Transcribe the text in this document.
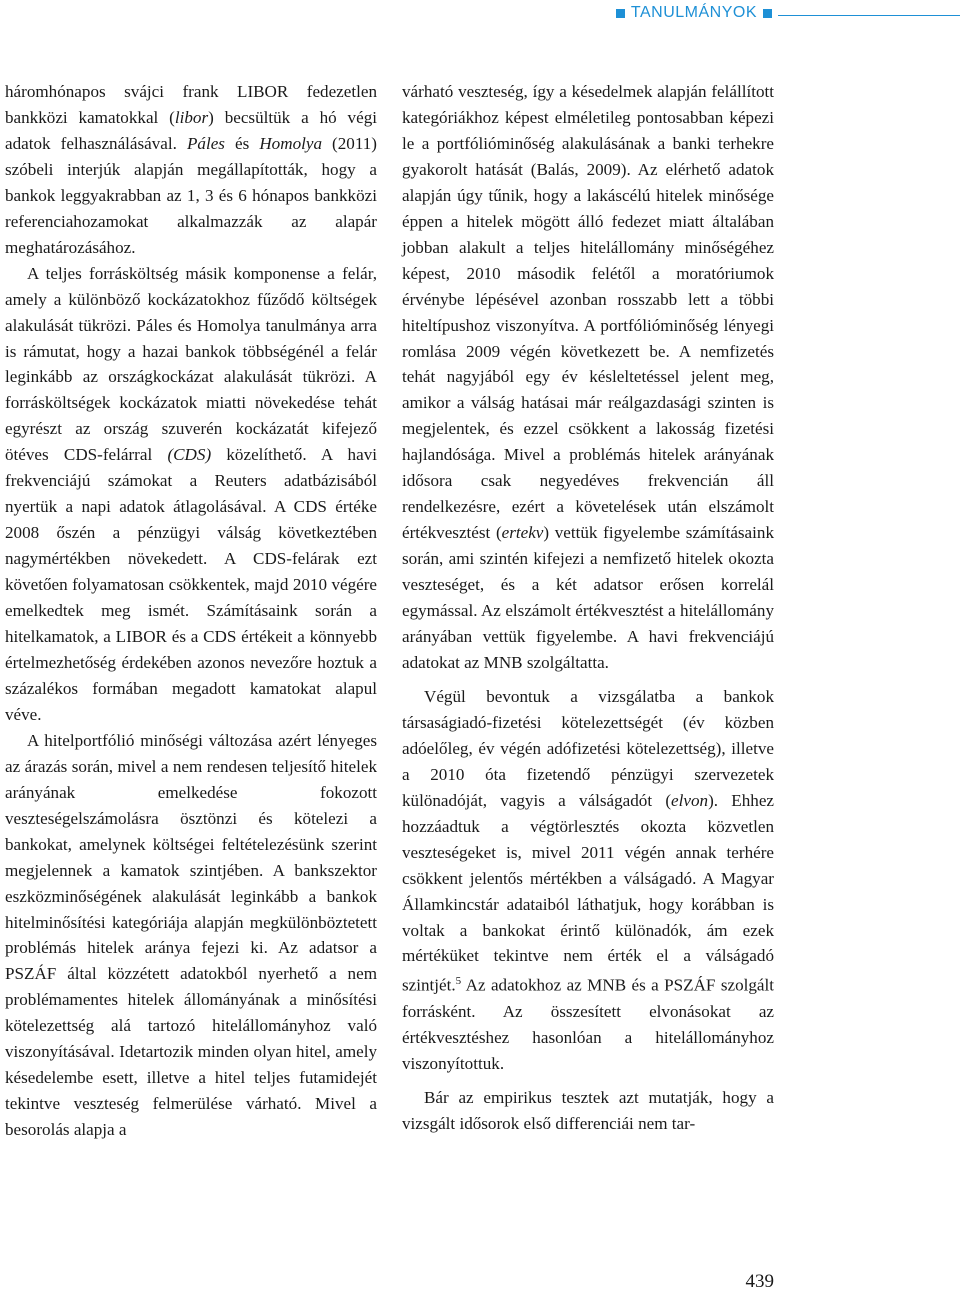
TANULMÁNYOK

háromhónapos svájci frank LIBOR fedezetlen bankközi kamatokkal (libor) becsültük a hó végi adatok felhasználásával. Páles és Homolya (2011) szóbeli interjúk alapján megállapították, hogy a bankok leggyakrabban az 1, 3 és 6 hónapos bankközi referenciahozamokat alkalmazzák az alapár meghatározásához.

A teljes forrásköltség másik komponense a felár, amely a különböző kockázatokhoz fűződő költségek alakulását tükrözi. Páles és Homolya tanulmánya arra is rámutat, hogy a hazai bankok többségénél a felár leginkább az országkockázat alakulását tükrözi. A forrásköltségek kockázatok miatti növekedése tehát egyrészt az ország szuverén kockázatát kifejező ötéves CDS-felárral (CDS) közelíthető. A havi frekvenciájú számokat a Reuters adatbázisából nyertük a napi adatok átlagolásával. A CDS értéke 2008 őszén a pénzügyi válság következtében nagymértékben növekedett. A CDS-felárak ezt követően folyamatosan csökkentek, majd 2010 végére emelkedtek meg ismét. Számításaink során a hitelkamatok, a LIBOR és a CDS értékeit a könnyebb értelmezhetőség érdekében azonos nevezőre hoztuk a százalékos formában megadott kamatokat alapul véve.

A hitelportfólió minőségi változása azért lényeges az árazás során, mivel a nem rendesen teljesítő hitelek arányának emelkedése fokozott veszteségelszámolásra ösztönzi és kötelezi a bankokat, amelynek költségei feltételezésünk szerint megjelennek a kamatok szintjében. A bankszektor eszközminőségének alakulását leginkább a bankok hitelminősítési kategóriája alapján megkülönböztetett problémás hitelek aránya fejezi ki. Az adatsor a PSZÁF által közzétett adatokból nyerhető a nem problémamentes hitelek állományának a minősítési kötelezettség alá tartozó hitelállományhoz való viszonyításával. Idetartozik minden olyan hitel, amely késedelembe esett, illetve a hitel teljes futamidejét tekintve veszteség felmerülése várható. Mivel a besorolás alapja a

várható veszteség, így a késedelmek alapján felállított kategóriákhoz képest elméletileg pontosabban képezi le a portfólióminőség alakulásának a banki terhekre gyakorolt hatását (Balás, 2009). Az elérhető adatok alapján úgy tűnik, hogy a lakáscélú hitelek minősége éppen a hitelek mögött álló fedezet miatt általában jobban alakult a teljes hitelállomány minőségéhez képest, 2010 második felétől a moratóriumok érvénybe lépésével azonban rosszabb lett a többi hiteltípushoz viszonyítva. A portfólióminőség lényegi romlása 2009 végén következett be. A nemfizetés tehát nagyjából egy év késleltetéssel jelent meg, amikor a válság hatásai már reálgazdasági szinten is megjelentek, és ezzel csökkent a lakosság fizetési hajlandósága. Mivel a problémás hitelek arányának idősora csak negyedéves frekvencián áll rendelkezésre, ezért a követelések után elszámolt értékvesztést (ertekv) vettük figyelembe számításaink során, ami szintén kifejezi a nemfizető hitelek okozta veszteséget, és a két adatsor erősen korrelál egymással. Az elszámolt értékvesztést a hitelállomány arányában vettük figyelembe. A havi frekvenciájú adatokat az MNB szolgáltatta.

Végül bevontuk a vizsgálatba a bankok társaságiadó-fizetési kötelezettségét (év közben adóelőleg, év végén adófizetési kötelezettség), illetve a 2010 óta fizetendő pénzügyi szervezetek különadóját, vagyis a válságadót (elvon). Ehhez hozzáadtuk a végtörlesztés okozta közvetlen veszteségeket is, mivel 2011 végén annak terhére csökkent jelentős mértékben a válságadó. A Magyar Államkincstár adataiból láthatjuk, hogy korábban is voltak a bankokat érintő különadók, ám ezek mértéküket tekintve nem érték el a válságadó szintjét.$^5$ Az adatokhoz az MNB és a PSZÁF szolgált forrásként. Az összesített elvonásokat az értékvesztéshez hasonlóan a hitelállományhoz viszonyítottuk.

Bár az empirikus tesztek azt mutatják, hogy a vizsgált idősorok első differenciái nem tar-

439
